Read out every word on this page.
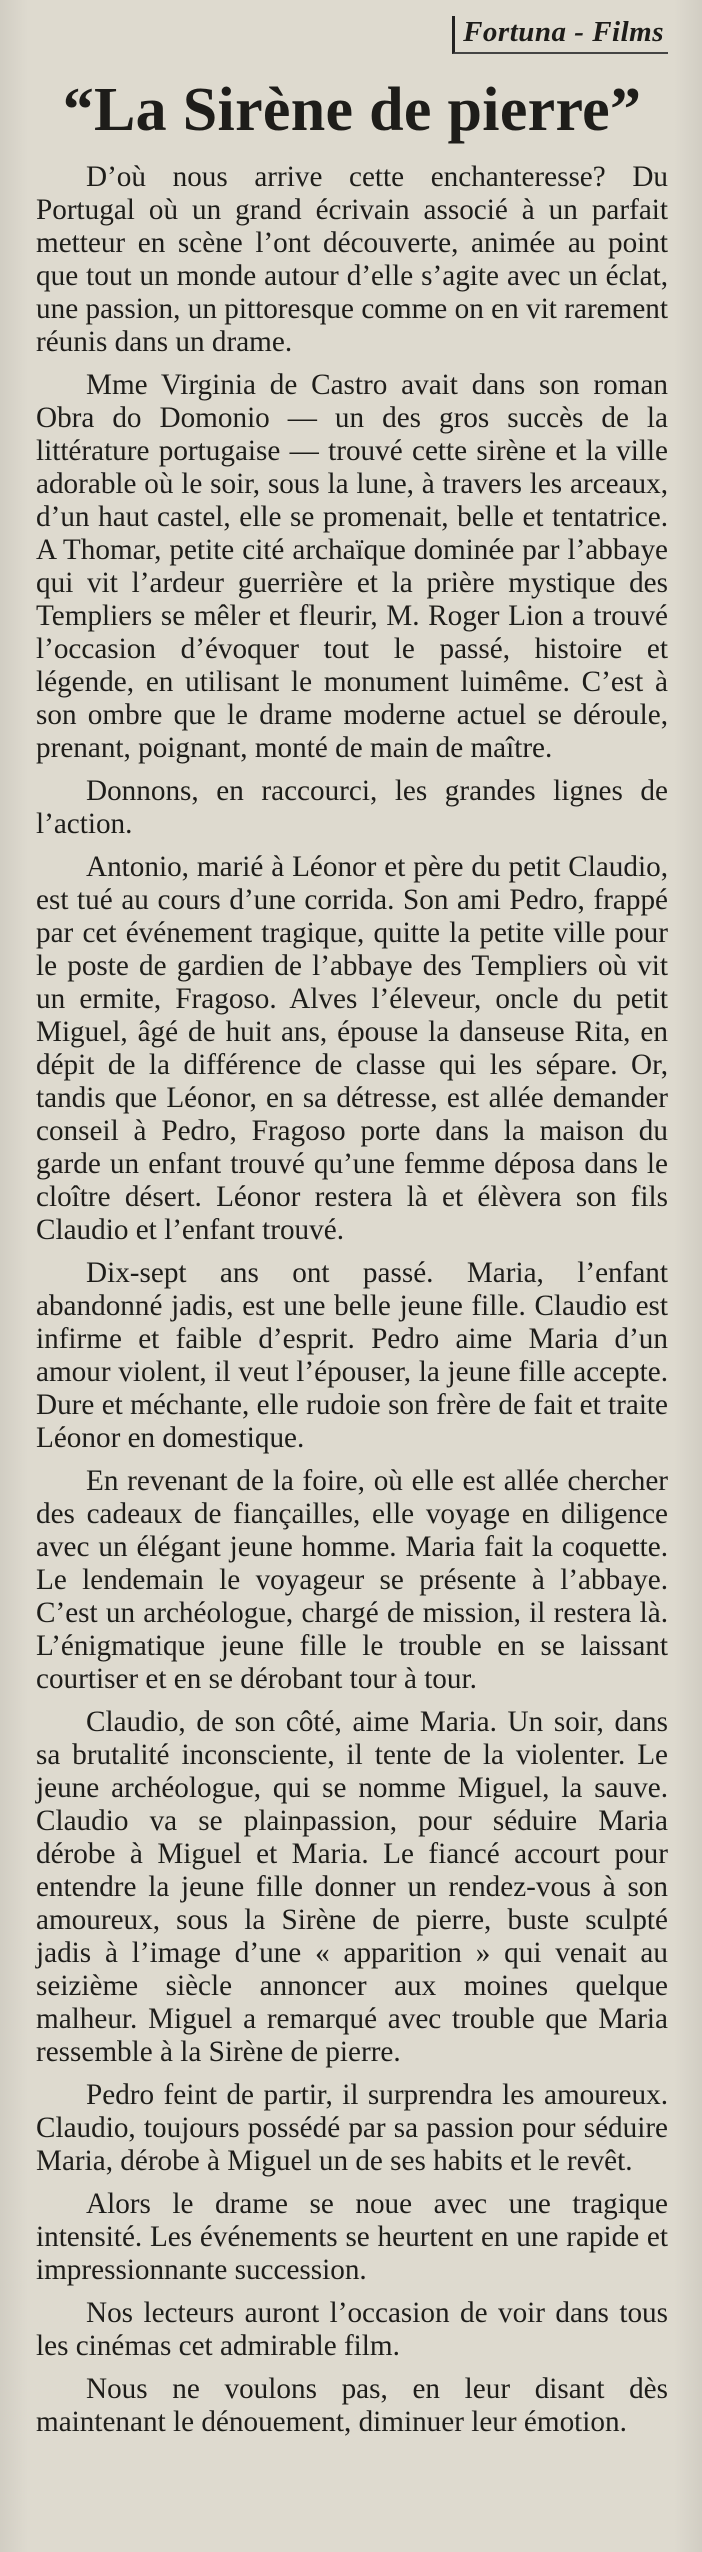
Fortuna - Films
“La Sirène de pierre”

D’où nous arrive cette enchanteresse? Du Portugal où un grand écrivain associé à un parfait metteur en scène l’ont découverte, animée au point que tout un monde autour d’elle s’agite avec un éclat, une passion, un pittoresque comme on en vit rarement réunis dans un drame.

Mme Virginia de Castro avait dans son roman Obra do Domonio — un des gros succès de la littérature portugaise — trouvé cette sirène et la ville adorable où le soir, sous la lune, à travers les arceaux, d’un haut castel, elle se promenait, belle et tentatrice. A Thomar, petite cité archaïque dominée par l’abbaye qui vit l’ardeur guerrière et la prière mystique des Templiers se mêler et fleurir, M. Roger Lion a trouvé l’occasion d’évoquer tout le passé, histoire et légende, en utilisant le monument luimême. C’est à son ombre que le drame moderne actuel se déroule, prenant, poignant, monté de main de maître.

Donnons, en raccourci, les grandes lignes de l’action.

Antonio, marié à Léonor et père du petit Claudio, est tué au cours d’une corrida. Son ami Pedro, frappé par cet événement tragique, quitte la petite ville pour le poste de gardien de l’abbaye des Templiers où vit un ermite, Fragoso. Alves l’éleveur, oncle du petit Miguel, âgé de huit ans, épouse la danseuse Rita, en dépit de la différence de classe qui les sépare. Or, tandis que Léonor, en sa détresse, est allée demander conseil à Pedro, Fragoso porte dans la maison du garde un enfant trouvé qu’une femme déposa dans le cloître désert. Léonor restera là et élèvera son fils Claudio et l’enfant trouvé.

Dix-sept ans ont passé. Maria, l’enfant abandonné jadis, est une belle jeune fille. Claudio est infirme et faible d’esprit. Pedro aime Maria d’un amour violent, il veut l’épouser, la jeune fille accepte. Dure et méchante, elle rudoie son frère de fait et traite Léonor en domestique.

En revenant de la foire, où elle est allée chercher des cadeaux de fiançailles, elle voyage en diligence avec un élégant jeune homme. Maria fait la coquette. Le lendemain le voyageur se présente à l’abbaye. C’est un archéologue, chargé de mission, il restera là. L’énigmatique jeune fille le trouble en se laissant courtiser et en se dérobant tour à tour.

Claudio, de son côté, aime Maria. Un soir, dans sa brutalité inconsciente, il tente de la violenter. Le jeune archéologue, qui se nomme Miguel, la sauve. Claudio va se plainpassion, pour séduire Maria dérobe à Miguel et Maria. Le fiancé accourt pour entendre la jeune fille donner un rendez-vous à son amoureux, sous la Sirène de pierre, buste sculpté jadis à l’image d’une « apparition » qui venait au seizième siècle annoncer aux moines quelque malheur. Miguel a remarqué avec trouble que Maria ressemble à la Sirène de pierre.

Pedro feint de partir, il surprendra les amoureux. Claudio, toujours possédé par sa passion pour séduire Maria, dérobe à Miguel un de ses habits et le revêt.

Alors le drame se noue avec une tragique intensité. Les événements se heurtent en une rapide et impressionnante succession.

Nos lecteurs auront l’occasion de voir dans tous les cinémas cet admirable film.

Nous ne voulons pas, en leur disant dès maintenant le dénouement, diminuer leur émotion.
